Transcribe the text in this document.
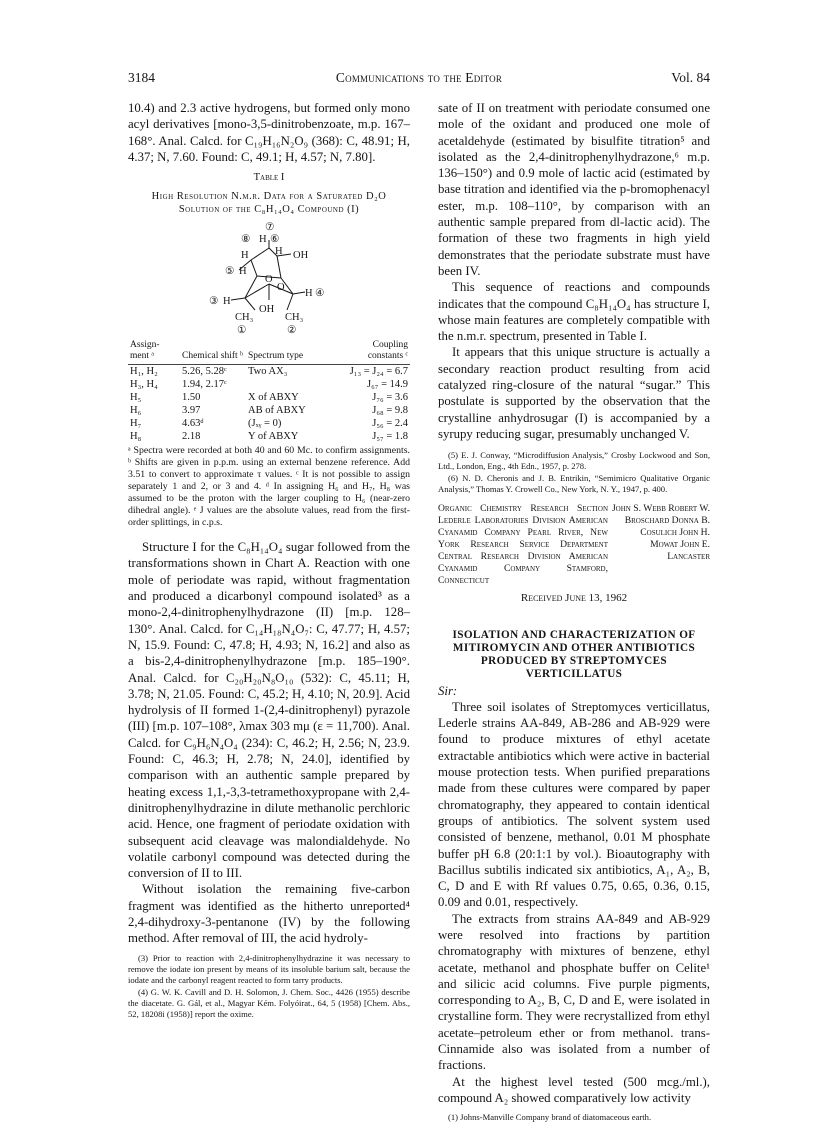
3184	Communications to the Editor	Vol. 84

10.4) and 2.3 active hydrogens, but formed only mono acyl derivatives [mono-3,5-dinitrobenzoate, m.p. 167–168°. Anal. Calcd. for C₁₉H₁₆N₂O₉ (368): C, 48.91; H, 4.37; N, 7.60. Found: C, 49.1; H, 4.57; N, 7.80].

Table I
High Resolution N.m.r. Data for a Saturated D₂O
Solution of the C₈H₁₄O₄ Compound (I)
⑦
⑧ H ⑥
H	H OH
⑤ H
O
O
③ H
H ④
OH
CH₃	CH₃
①	②
Assign-ment ᵃ	Chemical shift ᵇ	Spectrum type	Coupling constants ᶜ
H₁, H₂	5.26, 5.28ᶜ	Two AX₃	J₁₃ = J₂₄ = 6.7
H₃, H₄	1.94, 2.17ᶜ		J₆₇ = 14.9
H₅	1.50	X of ABXY	J₇₆ = 3.6
H₆	3.97	AB of ABXY	J₆₈ = 9.8
H₇	4.63ᵈ	(Jₓᵧ = 0)	J₅₆ = 2.4
H₈	2.18	Y of ABXY	J₅₇ = 1.8
ᵃ Spectra were recorded at both 40 and 60 Mc. to confirm assignments. ᵇ Shifts are given in p.p.m. using an external benzene reference. Add 3.51 to convert to approximate τ values. ᶜ It is not possible to assign separately 1 and 2, or 3 and 4. ᵈ In assigning H₆ and H₇, H₈ was assumed to be the proton with the larger coupling to H₆ (near-zero dihedral angle). ᵉ J values are the absolute values, read from the first-order splittings, in c.p.s.

Structure I for the C₈H₁₄O₄ sugar followed from the transformations shown in Chart A. Reaction with one mole of periodate was rapid, without fragmentation and produced a dicarbonyl compound isolated³ as a mono-2,4-dinitrophenylhydrazone (II) [m.p. 128–130°. Anal. Calcd. for C₁₄H₁₈N₄O₇: C, 47.77; H, 4.57; N, 15.9. Found: C, 47.8; H, 4.93; N, 16.2] and also as a bis-2,4-dinitrophenylhydrazone [m.p. 185–190°. Anal. Calcd. for C₂₀H₂₀N₈O₁₀ (532): C, 45.11; H, 3.78; N, 21.05. Found: C, 45.2; H, 4.10; N, 20.9]. Acid hydrolysis of II formed 1-(2,4-dinitrophenyl) pyrazole (III) [m.p. 107–108°, λmax 303 mμ (ε = 11,700). Anal. Calcd. for C₉H₆N₄O₄ (234): C, 46.2; H, 2.56; N, 23.9. Found: C, 46.3; H, 2.78; N, 24.0], identified by comparison with an authentic sample prepared by heating excess 1,1,-3,3-tetramethoxypropane with 2,4-dinitrophenylhydrazine in dilute methanolic perchloric acid. Hence, one fragment of periodate oxidation with subsequent acid cleavage was malondialdehyde. No volatile carbonyl compound was detected during the conversion of II to III.

Without isolation the remaining five-carbon fragment was identified as the hitherto unreported⁴ 2,4-dihydroxy-3-pentanone (IV) by the following method. After removal of III, the acid hydroly-

(3) Prior to reaction with 2,4-dinitrophenylhydrazine it was necessary to remove the iodate ion present by means of its insoluble barium salt, because the iodate and the carbonyl reagent reacted to form tarry products.

(4) G. W. K. Cavill and D. H. Solomon, J. Chem. Soc., 4426 (1955) describe the diacetate. G. Gál, et al., Magyar Kém. Folyóirat., 64, 5 (1958) [Chem. Abs., 52, 18208i (1958)] report the oxime.

sate of II on treatment with periodate consumed one mole of the oxidant and produced one mole of acetaldehyde (estimated by bisulfite titration⁵ and isolated as the 2,4-dinitrophenylhydrazone,⁶ m.p. 136–150°) and 0.9 mole of lactic acid (estimated by base titration and identified via the p-bromophenacyl ester, m.p. 108–110°, by comparison with an authentic sample prepared from dl-lactic acid). The formation of these two fragments in high yield demonstrates that the periodate substrate must have been IV.

This sequence of reactions and compounds indicates that the compound C₈H₁₄O₄ has structure I, whose main features are completely compatible with the n.m.r. spectrum, presented in Table I.

It appears that this unique structure is actually a secondary reaction product resulting from acid catalyzed ring-closure of the natural “sugar.” This postulate is supported by the observation that the crystalline anhydrosugar (I) is accompanied by a syrupy reducing sugar, presumably unchanged V.

(5) E. J. Conway, “Microdiffusion Analysis,” Crosby Lockwood and Son, Ltd., London, Eng., 4th Edn., 1957, p. 278.

(6) N. D. Cheronis and J. B. Entrikin, “Semimicro Qualitative Organic Analysis,” Thomas Y. Crowell Co., New York, N. Y., 1947, p. 400.

Organic Chemistry Research Section Lederle Laboratories Division American Cyanamid Company Pearl River, New York Research Service Department Central Research Division American Cyanamid Company Stamford, Connecticut
John S. Webb Robert W. Broschard Donna B. Cosulich John H. Mowat John E. Lancaster
Received June 13, 1962
ISOLATION AND CHARACTERIZATION OF MITIROMYCIN AND OTHER ANTIBIOTICS PRODUCED BY STREPTOMYCES VERTICILLATUS
Sir:

Three soil isolates of Streptomyces verticillatus, Lederle strains AA-849, AB-286 and AB-929 were found to produce mixtures of ethyl acetate extractable antibiotics which were active in bacterial mouse protection tests. When purified preparations made from these cultures were compared by paper chromatography, they appeared to contain identical groups of antibiotics. The solvent system used consisted of benzene, methanol, 0.01 M phosphate buffer pH 6.8 (20:1:1 by vol.). Bioautography with Bacillus subtilis indicated six antibiotics, A₁, A₂, B, C, D and E with Rf values 0.75, 0.65, 0.36, 0.15, 0.09 and 0.01, respectively.

The extracts from strains AA-849 and AB-929 were resolved into fractions by partition chromatography with mixtures of benzene, ethyl acetate, methanol and phosphate buffer on Celite¹ and silicic acid columns. Five purple pigments, corresponding to A₂, B, C, D and E, were isolated in crystalline form. They were recrystallized from ethyl acetate–petroleum ether or from methanol. trans-Cinnamide also was isolated from a number of fractions.

At the highest level tested (500 mcg./ml.), compound A₂ showed comparatively low activity

(1) Johns-Manville Company brand of diatomaceous earth.
